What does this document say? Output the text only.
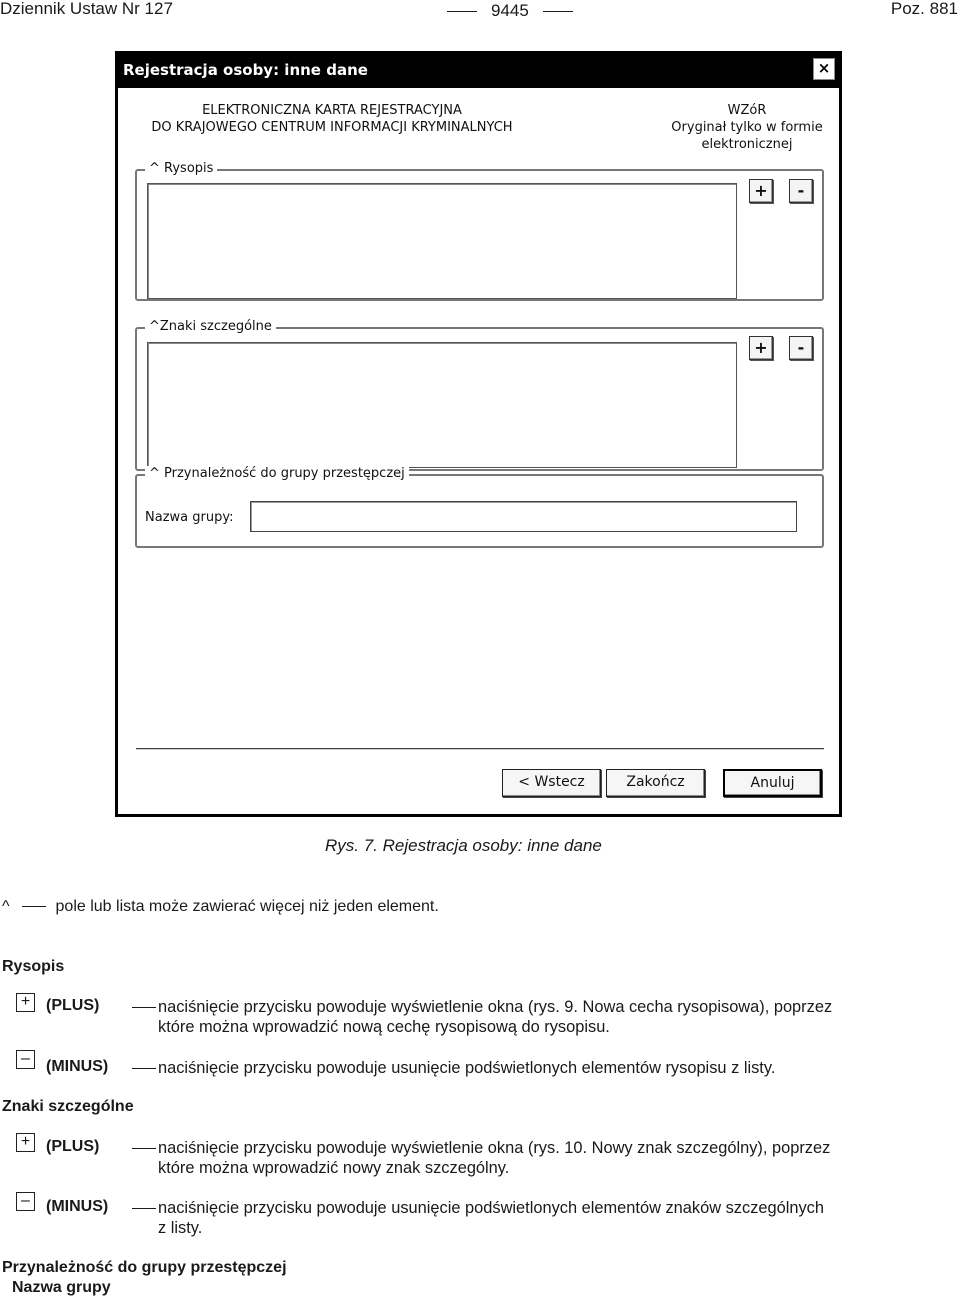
Dziennik Ustaw Nr 127	9445	Poz. 881
Rejestracja osoby: inne dane	×
ELEKTRONICZNA KARTA REJESTRACYJNA
DO KRAJOWEGO CENTRUM INFORMACJI KRYMINALNYCH
WZóR
Oryginał tylko w formie
elektronicznej
^ Rysopis
+	-
^Znaki szczególne
+	-
^ Przynależność do grupy przestępczej
Nazwa grupy:
< Wstecz	Zakończ	Anuluj
Rys. 7. Rejestracja osoby: inne dane
^	pole lub lista może zawierać więcej niż jeden element.
Rysopis
+ (PLUS)	naciśnięcie przycisku powoduje wyświetlenie okna (rys. 9. Nowa cecha rysopisowa), poprzez
które można wprowadzić nową cechę rysopisową do rysopisu.
–	(MINUS)	naciśnięcie przycisku powoduje usunięcie podświetlonych elementów rysopisu z listy.
Znaki szczególne
+ (PLUS)	naciśnięcie przycisku powoduje wyświetlenie okna (rys. 10. Nowy znak szczególny), poprzez
które można wprowadzić nowy znak szczególny.
–	(MINUS)	naciśnięcie przycisku powoduje usunięcie podświetlonych elementów znaków szczególnych
z listy.
Przynależność do grupy przestępczej
Nazwa grupy
